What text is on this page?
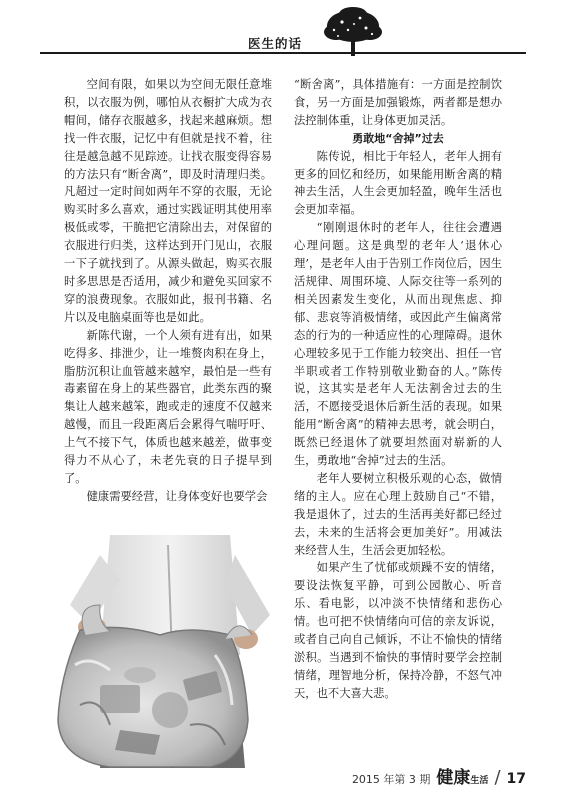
医生的话

空间有限，如果以为空间无限任意堆积，以衣服为例，哪怕从衣橱扩大成为衣帽间，储存衣服越多，找起来越麻烦。想找一件衣服，记忆中有但就是找不着，往往是越急越不见踪迹。让找衣服变得容易的方法只有“断舍离”，即及时清理归类。凡超过一定时间如两年不穿的衣服，无论购买时多么喜欢，通过实践证明其使用率极低或零，干脆把它清除出去，对保留的衣服进行归类，这样达到开门见山，衣服一下子就找到了。从源头做起，购买衣服时多思思是否适用，减少和避免买回家不穿的浪费现象。衣服如此，报刊书籍、名片以及电脑桌面等也是如此。

新陈代谢，一个人须有进有出，如果吃得多、排泄少，让一堆赘肉积在身上，脂肪沉积让血管越来越窄，最怕是一些有毒素留在身上的某些器官，此类东西的聚集让人越来越笨，跑或走的速度不仅越来越慢，而且一段距离后会累得气喘吁吁、上气不接下气，体质也越来越差，做事变得力不从心了，未老先衰的日子提早到了。

健康需要经营，让身体变好也要学会

“断舍离”，具体措施有：一方面是控制饮食，另一方面是加强锻炼，两者都是想办法控制体重，让身体更加灵活。

勇敢地“舍掉”过去

陈传说，相比于年轻人，老年人拥有更多的回忆和经历，如果能用断舍离的精神去生活，人生会更加轻盈，晚年生活也会更加幸福。

“刚刚退休时的老年人，往往会遭遇心理问题。这是典型的老年人‘退休心理’，是老年人由于告别工作岗位后，因生活规律、周围环境、人际交往等一系列的相关因素发生变化，从而出现焦虑、抑郁、悲哀等消极情绪，或因此产生偏离常态的行为的一种适应性的心理障碍。退休心理较多见于工作能力较突出、担任一官半职或者工作特别敬业勤奋的人。”陈传说，这其实是老年人无法割舍过去的生活，不愿接受退休后新生活的表现。如果能用“断舍离”的精神去思考，就会明白，既然已经退休了就要坦然面对崭新的人生，勇敢地“舍掉”过去的生活。

老年人要树立积极乐观的心态，做情绪的主人。应在心理上鼓励自己“不错，我是退休了，过去的生活再美好都已经过去，未来的生活将会更加美好”。用减法来经营人生，生活会更加轻松。

如果产生了忧郁或烦躁不安的情绪，要设法恢复平静，可到公园散心、听音乐、看电影，以冲淡不快情绪和悲伤心情。也可把不快情绪向可信的亲友诉说，或者自己向自己倾诉，不让不愉快的情绪淤积。当遇到不愉快的事情时要学会控制情绪，理智地分析，保持冷静，不怒气冲天，也不大喜大悲。

2015 年第 3 期 健康生活 / 17
